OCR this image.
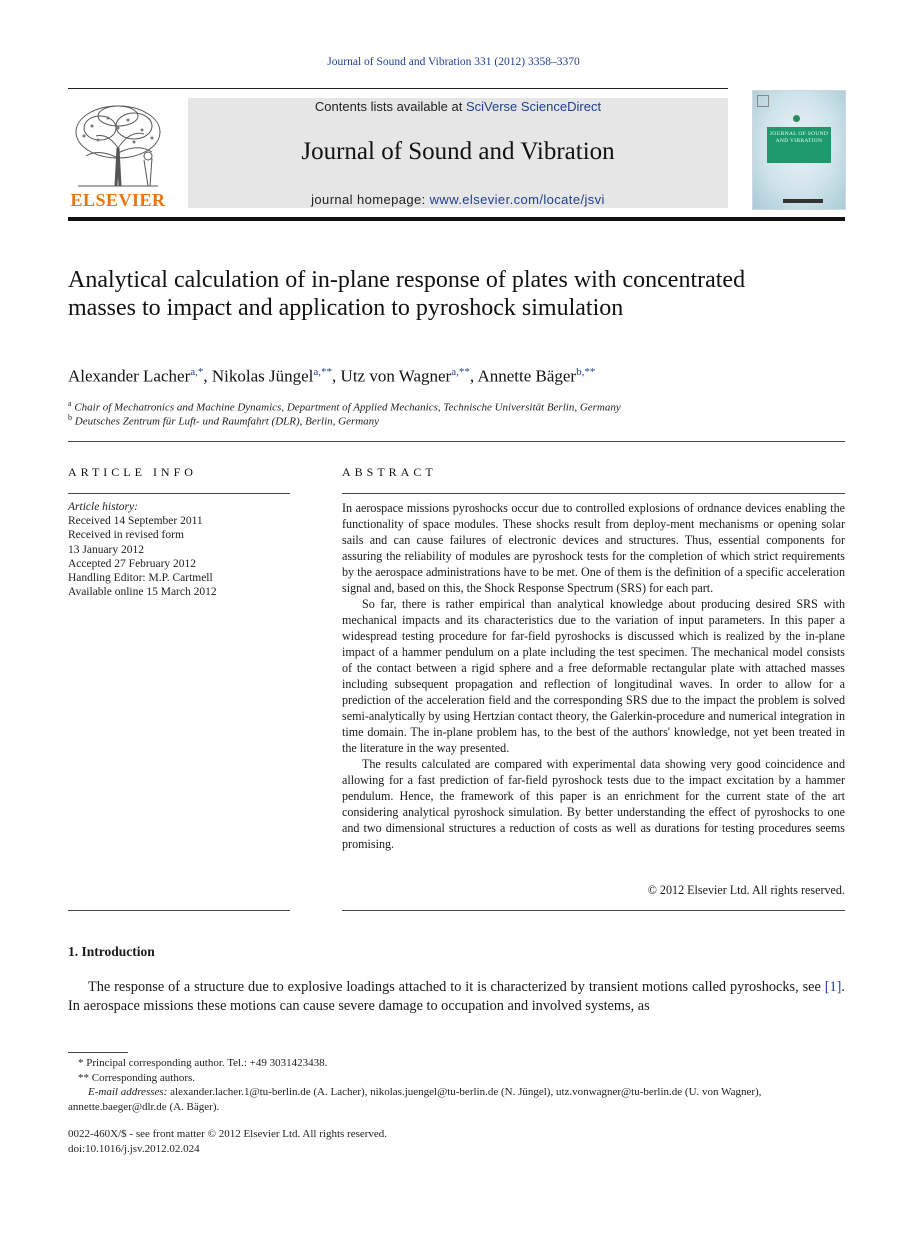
Journal of Sound and Vibration 331 (2012) 3358–3370
ELSEVIER
Contents lists available at SciVerse ScienceDirect
Journal of Sound and Vibration
journal homepage: www.elsevier.com/locate/jsvi
JOURNAL OF SOUND AND VIBRATION
Analytical calculation of in-plane response of plates with concentrated masses to impact and application to pyroshock simulation
Alexander Lacher$^{a,*}$, Nikolas Jüngel$^{a,**}$, Utz von Wagner$^{a,**}$, Annette Bäger$^{b,**}$
$^a$ Chair of Mechatronics and Machine Dynamics, Department of Applied Mechanics, Technische Universität Berlin, Germany
$^b$ Deutsches Zentrum für Luft- und Raumfahrt (DLR), Berlin, Germany
ARTICLE INFO
Article history:
Received 14 September 2011
Received in revised form
13 January 2012
Accepted 27 February 2012
Handling Editor: M.P. Cartmell
Available online 15 March 2012
ABSTRACT

In aerospace missions pyroshocks occur due to controlled explosions of ordnance devices enabling the functionality of space modules. These shocks result from deploy-ment mechanisms or opening solar sails and can cause failures of electronic devices and structures. Thus, essential components for assuring the reliability of modules are pyroshock tests for the completion of which strict requirements by the aerospace administrations have to be met. One of them is the definition of a specific acceleration signal and, based on this, the Shock Response Spectrum (SRS) for each part.

So far, there is rather empirical than analytical knowledge about producing desired SRS with mechanical impacts and its characteristics due to the variation of input parameters. In this paper a widespread testing procedure for far-field pyroshocks is discussed which is realized by the in-plane impact of a hammer pendulum on a plate including the test specimen. The mechanical model consists of the contact between a rigid sphere and a free deformable rectangular plate with attached masses including subsequent propagation and reflection of longitudinal waves. In order to allow for a prediction of the acceleration field and the corresponding SRS due to the impact the problem is solved semi-analytically by using Hertzian contact theory, the Galerkin-procedure and numerical integration in time domain. The in-plane problem has, to the best of the authors' knowledge, not yet been treated in the literature in the way presented.

The results calculated are compared with experimental data showing very good coincidence and allowing for a fast prediction of far-field pyroshock tests due to the impact excitation by a hammer pendulum. Hence, the framework of this paper is an enrichment for the current state of the art considering analytical pyroshock simulation. By better understanding the effect of pyroshocks to one and two dimensional structures a reduction of costs as well as durations for testing procedures seems promising.

© 2012 Elsevier Ltd. All rights reserved.
1. Introduction
The response of a structure due to explosive loadings attached to it is characterized by transient motions called pyroshocks, see [1]. In aerospace missions these motions can cause severe damage to occupation and involved systems, as

* Principal corresponding author. Tel.: +49 3031423438.

** Corresponding authors.

E-mail addresses: alexander.lacher.1@tu-berlin.de (A. Lacher), nikolas.juengel@tu-berlin.de (N. Jüngel), utz.vonwagner@tu-berlin.de (U. von Wagner), annette.baeger@dlr.de (A. Bäger).

0022-460X/$ - see front matter © 2012 Elsevier Ltd. All rights reserved.
doi:10.1016/j.jsv.2012.02.024
